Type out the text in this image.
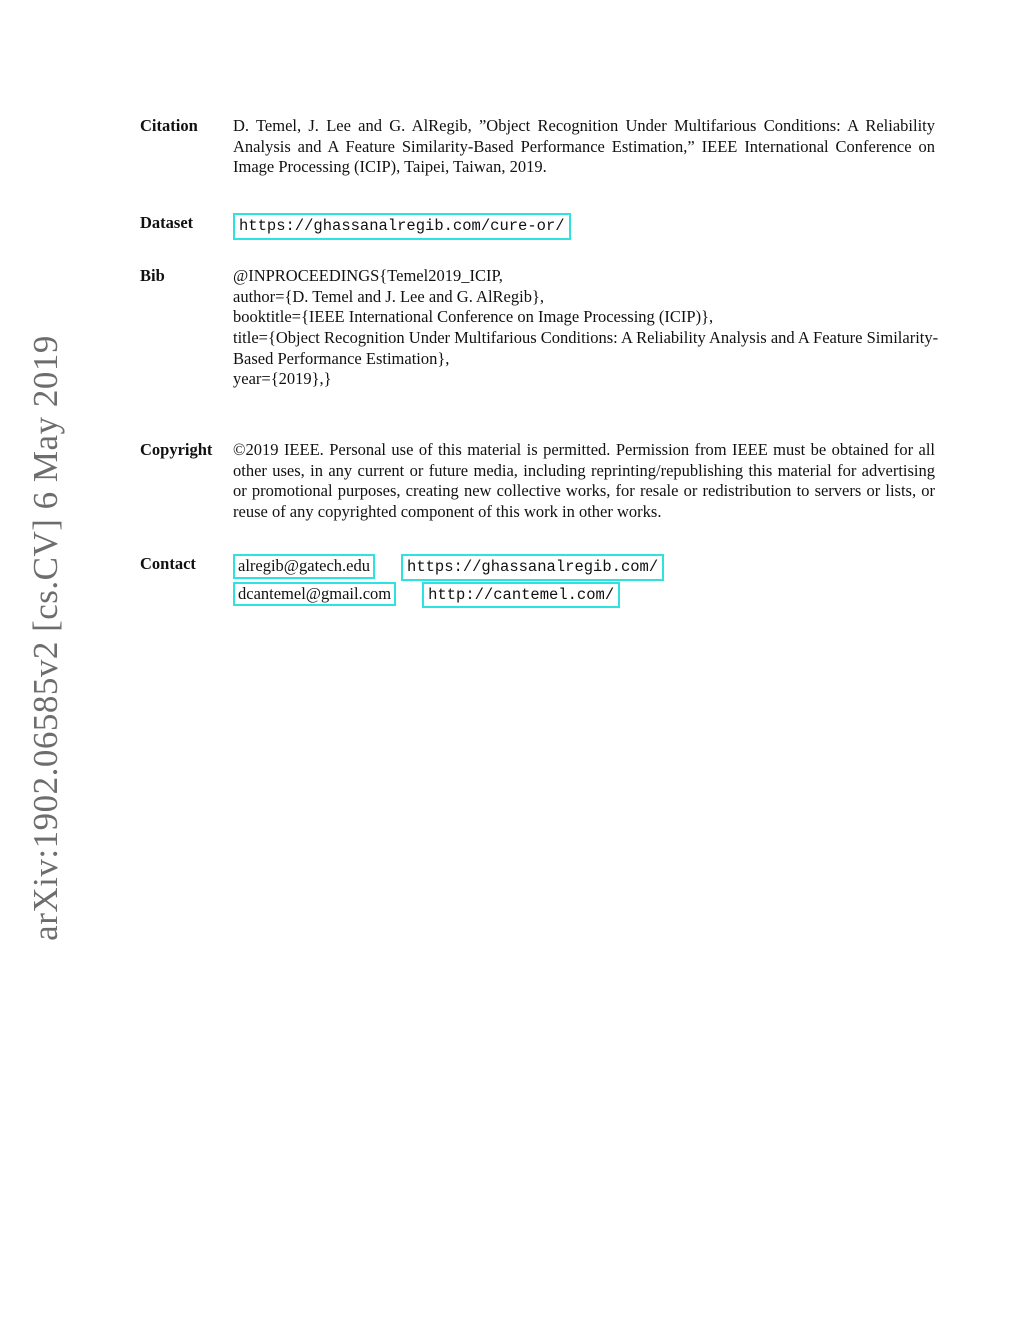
arXiv:1902.06585v2 [cs.CV] 6 May 2019
Citation	D. Temel, J. Lee and G. AlRegib, ”Object Recognition Under Multifarious Conditions: A Reliability Analysis and A Feature Similarity-Based Performance Estimation,” IEEE International Conference on Image Processing (ICIP), Taipei, Taiwan, 2019.
Dataset	https://ghassanalregib.com/cure-or/
Bib	@INPROCEEDINGS{Temel2019_ICIP,
author={D. Temel and J. Lee and G. AlRegib},
booktitle={IEEE International Conference on Image Processing (ICIP)},
title={Object Recognition Under Multifarious Conditions: A Reliability Analysis and A Feature Similarity-Based Performance Estimation},
year={2019},}
Copyright	©2019 IEEE. Personal use of this material is permitted. Permission from IEEE must be obtained for all other uses, in any current or future media, including reprinting/republishing this material for advertising or promotional purposes, creating new collective works, for resale or redistribution to servers or lists, or reuse of any copyrighted component of this work in other works.
Contact	alregib@gatech.edu	https://ghassanalregib.com/
dcantemel@gmail.com	http://cantemel.com/
